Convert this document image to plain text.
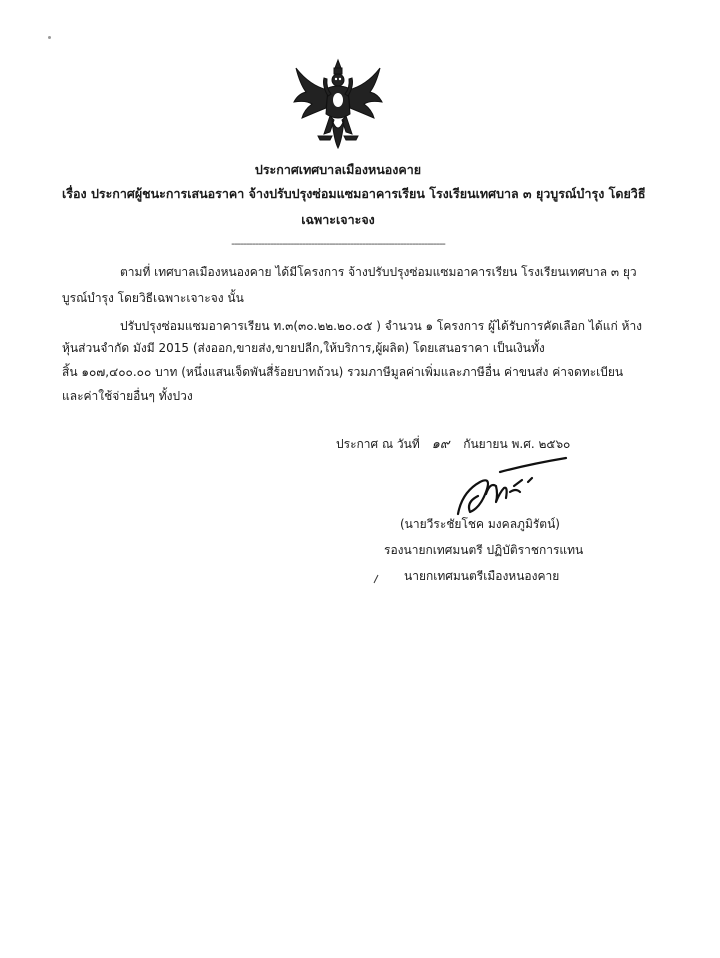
ประกาศเทศบาลเมืองหนองคาย
เรื่อง ประกาศผู้ชนะการเสนอราคา จ้างปรับปรุงซ่อมแซมอาคารเรียน โรงเรียนเทศบาล ๓ ยุวบูรณ์บำรุง โดยวิธี
เฉพาะเจาะจง
------------------------------------------------------------------------
ตามที่ เทศบาลเมืองหนองคาย ได้มีโครงการ จ้างปรับปรุงซ่อมแซมอาคารเรียน โรงเรียนเทศบาล ๓ ยุว
บูรณ์บำรุง โดยวิธีเฉพาะเจาะจง นั้น
ปรับปรุงซ่อมแซมอาคารเรียน ท.๓(๓๐.๒๒.๒๐.๐๕ ) จำนวน ๑ โครงการ ผู้ได้รับการคัดเลือก ได้แก่ ห้าง
หุ้นส่วนจำกัด มังมี 2015 (ส่งออก,ขายส่ง,ขายปลีก,ให้บริการ,ผู้ผลิต) โดยเสนอราคา เป็นเงินทั้ง
สิ้น ๑๐๗,๔๐๐.๐๐ บาท (หนึ่งแสนเจ็ดพันสี่ร้อยบาทถ้วน) รวมภาษีมูลค่าเพิ่มและภาษีอื่น ค่าขนส่ง ค่าจดทะเบียน
และค่าใช้จ่ายอื่นๆ ทั้งปวง
ประกาศ ณ วันที่ ๑๙ กันยายน พ.ศ. ๒๕๖๐
(นายวีระชัยโชค มงคลภูมิรัตน์)
รองนายกเทศมนตรี ปฏิบัติราชการแทน
นายกเทศมนตรีเมืองหนองคาย
